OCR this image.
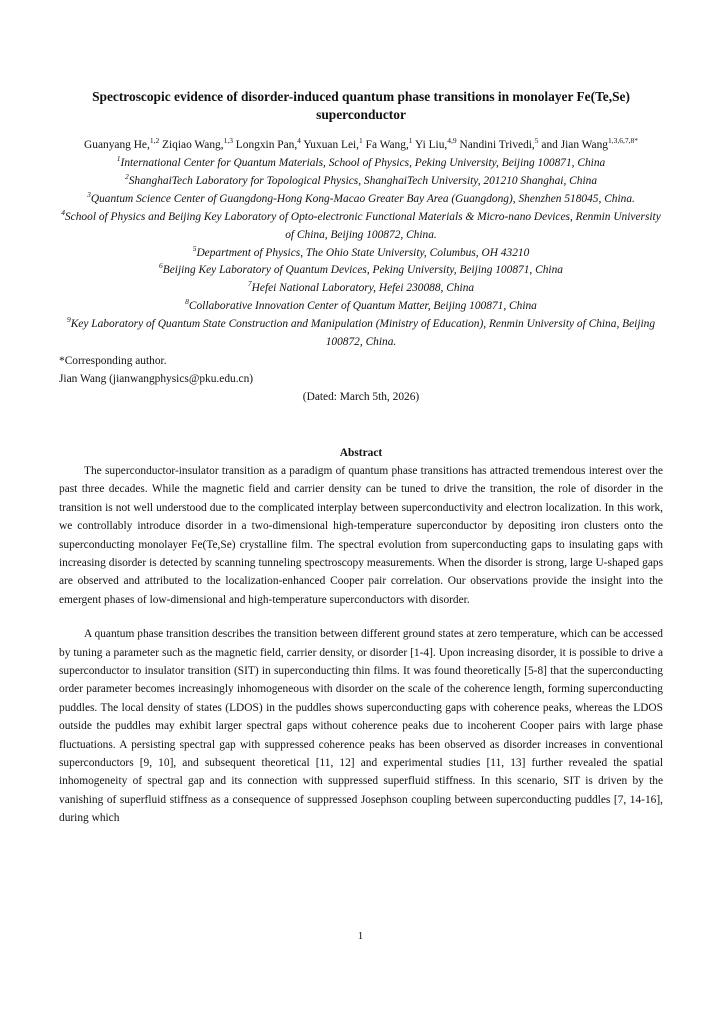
Spectroscopic evidence of disorder-induced quantum phase transitions in monolayer Fe(Te,Se) superconductor
Guanyang He,$^{1,2}$ Ziqiao Wang,$^{1,3}$ Longxin Pan,$^4$ Yuxuan Lei,$^1$ Fa Wang,$^1$ Yi Liu,$^{4,9}$ Nandini Trivedi,$^5$ and Jian Wang$^{1,3,6,7,8*}$
$^1$International Center for Quantum Materials, School of Physics, Peking University, Beijing 100871, China
$^2$ShanghaiTech Laboratory for Topological Physics, ShanghaiTech University, 201210 Shanghai, China
$^3$Quantum Science Center of Guangdong-Hong Kong-Macao Greater Bay Area (Guangdong), Shenzhen 518045, China.
$^4$School of Physics and Beijing Key Laboratory of Opto-electronic Functional Materials & Micro-nano Devices, Renmin University of China, Beijing 100872, China.
$^5$Department of Physics, The Ohio State University, Columbus, OH 43210
$^6$Beijing Key Laboratory of Quantum Devices, Peking University, Beijing 100871, China
$^7$Hefei National Laboratory, Hefei 230088, China
$^8$Collaborative Innovation Center of Quantum Matter, Beijing 100871, China
$^9$Key Laboratory of Quantum State Construction and Manipulation (Ministry of Education), Renmin University of China, Beijing 100872, China.
*Corresponding author.
Jian Wang (jianwangphysics@pku.edu.cn)
(Dated: March 5th, 2026)
Abstract

The superconductor-insulator transition as a paradigm of quantum phase transitions has attracted tremendous interest over the past three decades. While the magnetic field and carrier density can be tuned to drive the transition, the role of disorder in the transition is not well understood due to the complicated interplay between superconductivity and electron localization. In this work, we controllably introduce disorder in a two-dimensional high-temperature superconductor by depositing iron clusters onto the superconducting monolayer Fe(Te,Se) crystalline film. The spectral evolution from superconducting gaps to insulating gaps with increasing disorder is detected by scanning tunneling spectroscopy measurements. When the disorder is strong, large U-shaped gaps are observed and attributed to the localization-enhanced Cooper pair correlation. Our observations provide the insight into the emergent phases of low-dimensional and high-temperature superconductors with disorder.

A quantum phase transition describes the transition between different ground states at zero temperature, which can be accessed by tuning a parameter such as the magnetic field, carrier density, or disorder [1-4]. Upon increasing disorder, it is possible to drive a superconductor to insulator transition (SIT) in superconducting thin films. It was found theoretically [5-8] that the superconducting order parameter becomes increasingly inhomogeneous with disorder on the scale of the coherence length, forming superconducting puddles. The local density of states (LDOS) in the puddles shows superconducting gaps with coherence peaks, whereas the LDOS outside the puddles may exhibit larger spectral gaps without coherence peaks due to incoherent Cooper pairs with large phase fluctuations. A persisting spectral gap with suppressed coherence peaks has been observed as disorder increases in conventional superconductors [9, 10], and subsequent theoretical [11, 12] and experimental studies [11, 13] further revealed the spatial inhomogeneity of spectral gap and its connection with suppressed superfluid stiffness. In this scenario, SIT is driven by the vanishing of superfluid stiffness as a consequence of suppressed Josephson coupling between superconducting puddles [7, 14-16], during which

1
